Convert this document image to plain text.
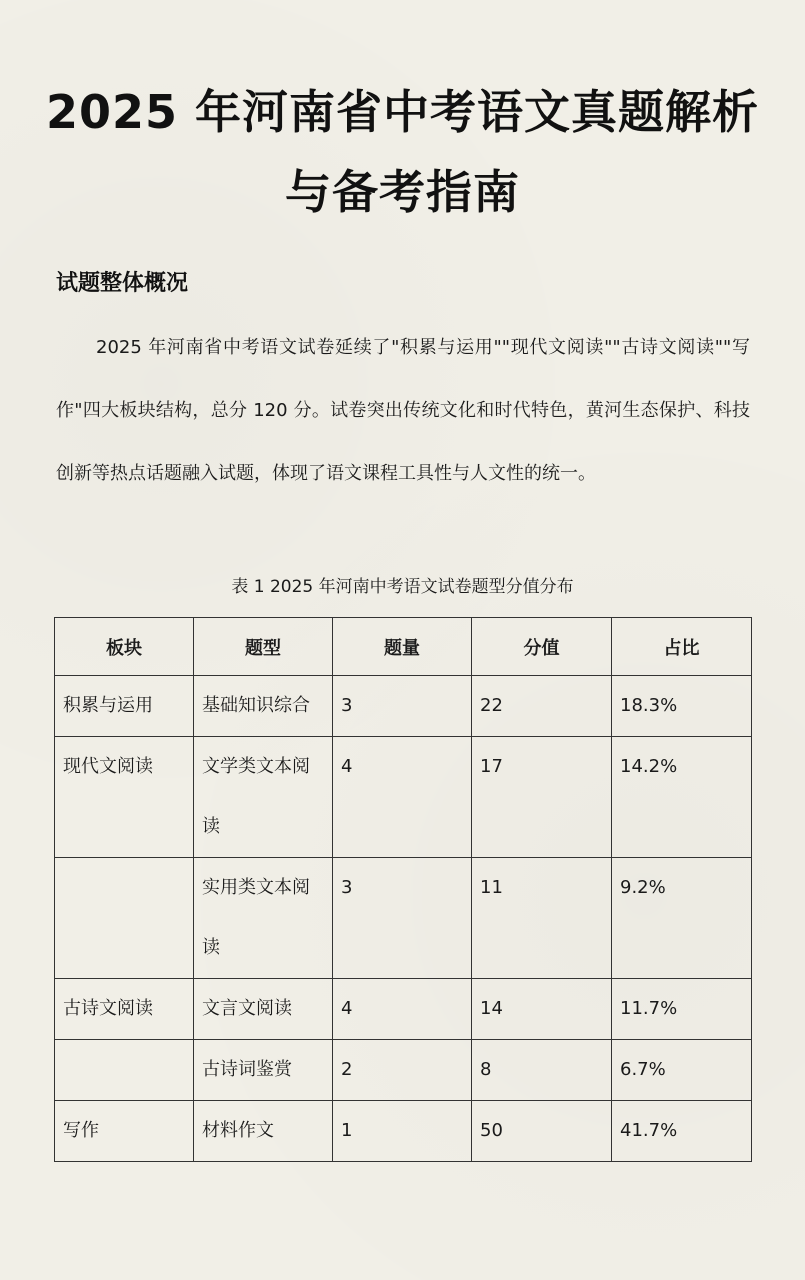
2025 年河南省中考语文真题解析与备考指南
试题整体概况

2025 年河南省中考语文试卷延续了"积累与运用""现代文阅读""古诗文阅读""写作"四大板块结构，总分 120 分。试卷突出传统文化和时代特色，黄河生态保护、科技创新等热点话题融入试题，体现了语文课程工具性与人文性的统一。

表 1 2025 年河南中考语文试卷题型分值分布

板块	题型	题量	分值	占比
积累与运用	基础知识综合	3	22	18.3%
现代文阅读	文学类文本阅读	4	17	14.2%
	实用类文本阅读	3	11	9.2%
古诗文阅读	文言文阅读	4	14	11.7%
	古诗词鉴赏	2	8	6.7%
写作	材料作文	1	50	41.7%
